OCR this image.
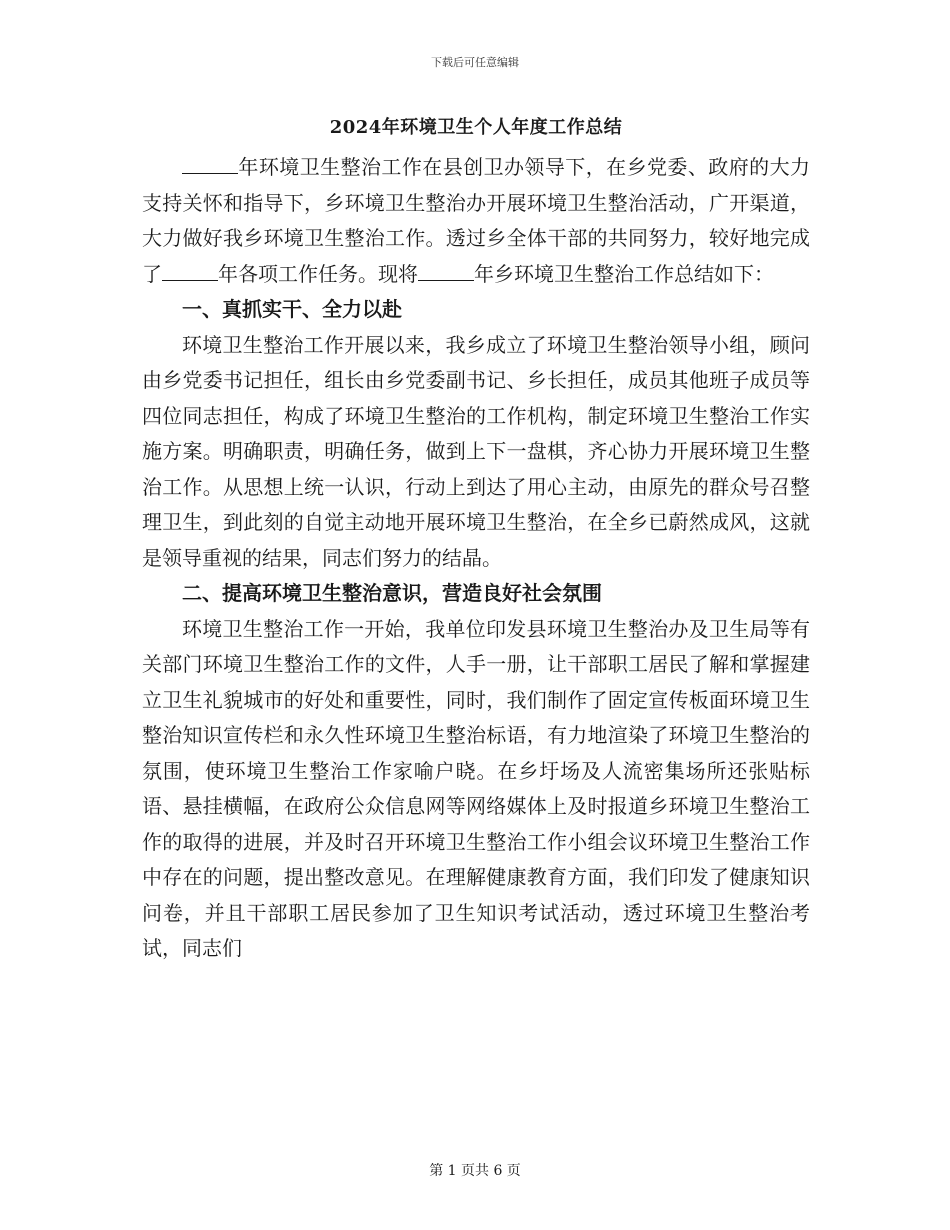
下载后可任意编辑
2024年环境卫生个人年度工作总结

年环境卫生整治工作在县创卫办领导下，在乡党委、政府的大力支持关怀和指导下，乡环境卫生整治办开展环境卫生整治活动，广开渠道，大力做好我乡环境卫生整治工作。透过乡全体干部的共同努力，较好地完成了	年各项工作任务。现将	年乡环境卫生整治工作总结如下：

一、真抓实干、全力以赴

环境卫生整治工作开展以来，我乡成立了环境卫生整治领导小组，顾问由乡党委书记担任，组长由乡党委副书记、乡长担任，成员其他班子成员等四位同志担任，构成了环境卫生整治的工作机构，制定环境卫生整治工作实施方案。明确职责，明确任务，做到上下一盘棋，齐心协力开展环境卫生整治工作。从思想上统一认识，行动上到达了用心主动，由原先的群众号召整理卫生，到此刻的自觉主动地开展环境卫生整治，在全乡已蔚然成风，这就是领导重视的结果，同志们努力的结晶。

二、提高环境卫生整治意识，营造良好社会氛围

环境卫生整治工作一开始，我单位印发县环境卫生整治办及卫生局等有关部门环境卫生整治工作的文件，人手一册，让干部职工居民了解和掌握建立卫生礼貌城市的好处和重要性，同时，我们制作了固定宣传板面环境卫生整治知识宣传栏和永久性环境卫生整治标语，有力地渲染了环境卫生整治的氛围，使环境卫生整治工作家喻户晓。在乡圩场及人流密集场所还张贴标语、悬挂横幅，在政府公众信息网等网络媒体上及时报道乡环境卫生整治工作的取得的进展，并及时召开环境卫生整治工作小组会议环境卫生整治工作中存在的问题，提出整改意见。在理解健康教育方面，我们印发了健康知识问卷，并且干部职工居民参加了卫生知识考试活动，透过环境卫生整治考试，同志们

第 1 页共 6 页
